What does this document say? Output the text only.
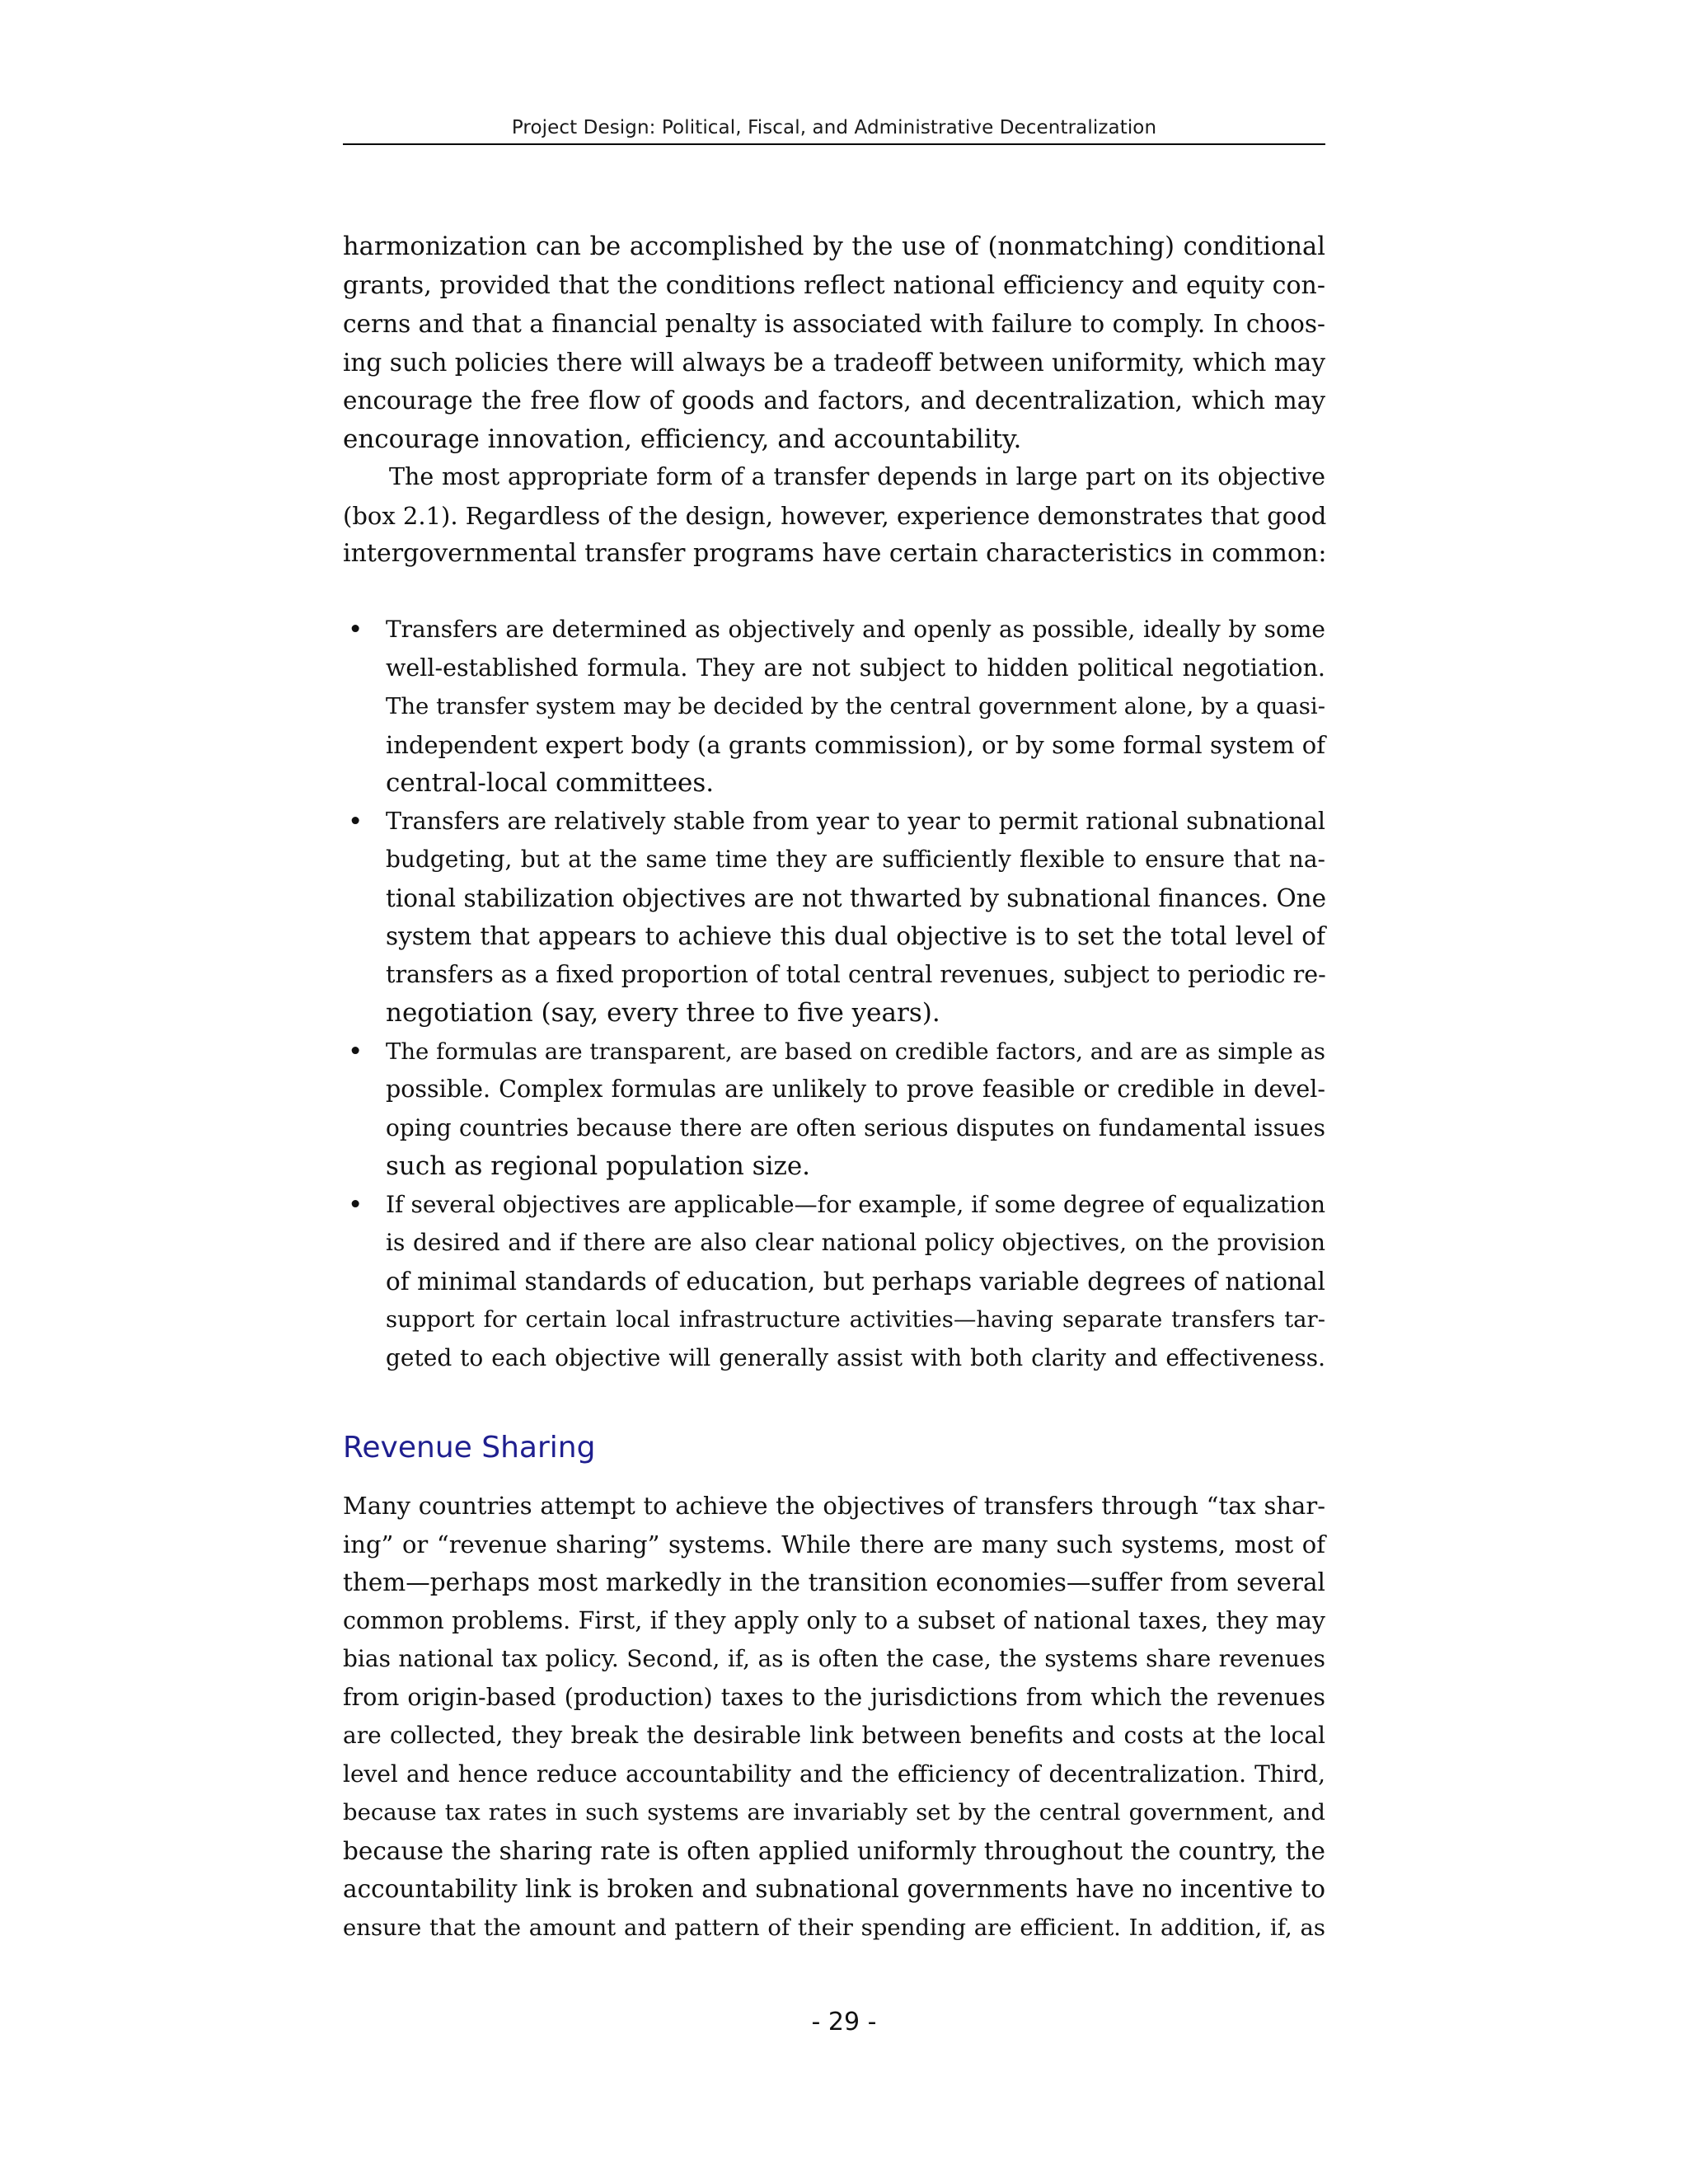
Project Design: Political, Fiscal, and Administrative Decentralization
harmonization can be accomplished by the use of (nonmatching) conditional
grants, provided that the conditions reflect national efficiency and equity con-
cerns and that a financial penalty is associated with failure to comply. In choos-
ing such policies there will always be a tradeoff between uniformity, which may
encourage the free flow of goods and factors, and decentralization, which may
encourage innovation, efficiency, and accountability.
The most appropriate form of a transfer depends in large part on its objective
(box 2.1). Regardless of the design, however, experience demonstrates that good
intergovernmental transfer programs have certain characteristics in common:
• Transfers are determined as objectively and openly as possible, ideally by some
well-established formula. They are not subject to hidden political negotiation.
The transfer system may be decided by the central government alone, by a quasi-
independent expert body (a grants commission), or by some formal system of
central-local committees.
• Transfers are relatively stable from year to year to permit rational subnational
budgeting, but at the same time they are sufficiently flexible to ensure that na-
tional stabilization objectives are not thwarted by subnational finances. One
system that appears to achieve this dual objective is to set the total level of
transfers as a fixed proportion of total central revenues, subject to periodic re-
negotiation (say, every three to five years).
• The formulas are transparent, are based on credible factors, and are as simple as
possible. Complex formulas are unlikely to prove feasible or credible in devel-
oping countries because there are often serious disputes on fundamental issues
such as regional population size.
• If several objectives are applicable—for example, if some degree of equalization
is desired and if there are also clear national policy objectives, on the provision
of minimal standards of education, but perhaps variable degrees of national
support for certain local infrastructure activities—having separate transfers tar-
geted to each objective will generally assist with both clarity and effectiveness.
Revenue Sharing
Many countries attempt to achieve the objectives of transfers through “tax shar-
ing” or “revenue sharing” systems. While there are many such systems, most of
them—perhaps most markedly in the transition economies—suffer from several
common problems. First, if they apply only to a subset of national taxes, they may
bias national tax policy. Second, if, as is often the case, the systems share revenues
from origin-based (production) taxes to the jurisdictions from which the revenues
are collected, they break the desirable link between benefits and costs at the local
level and hence reduce accountability and the efficiency of decentralization. Third,
because tax rates in such systems are invariably set by the central government, and
because the sharing rate is often applied uniformly throughout the country, the
accountability link is broken and subnational governments have no incentive to
ensure that the amount and pattern of their spending are efficient. In addition, if, as
- 29 -
